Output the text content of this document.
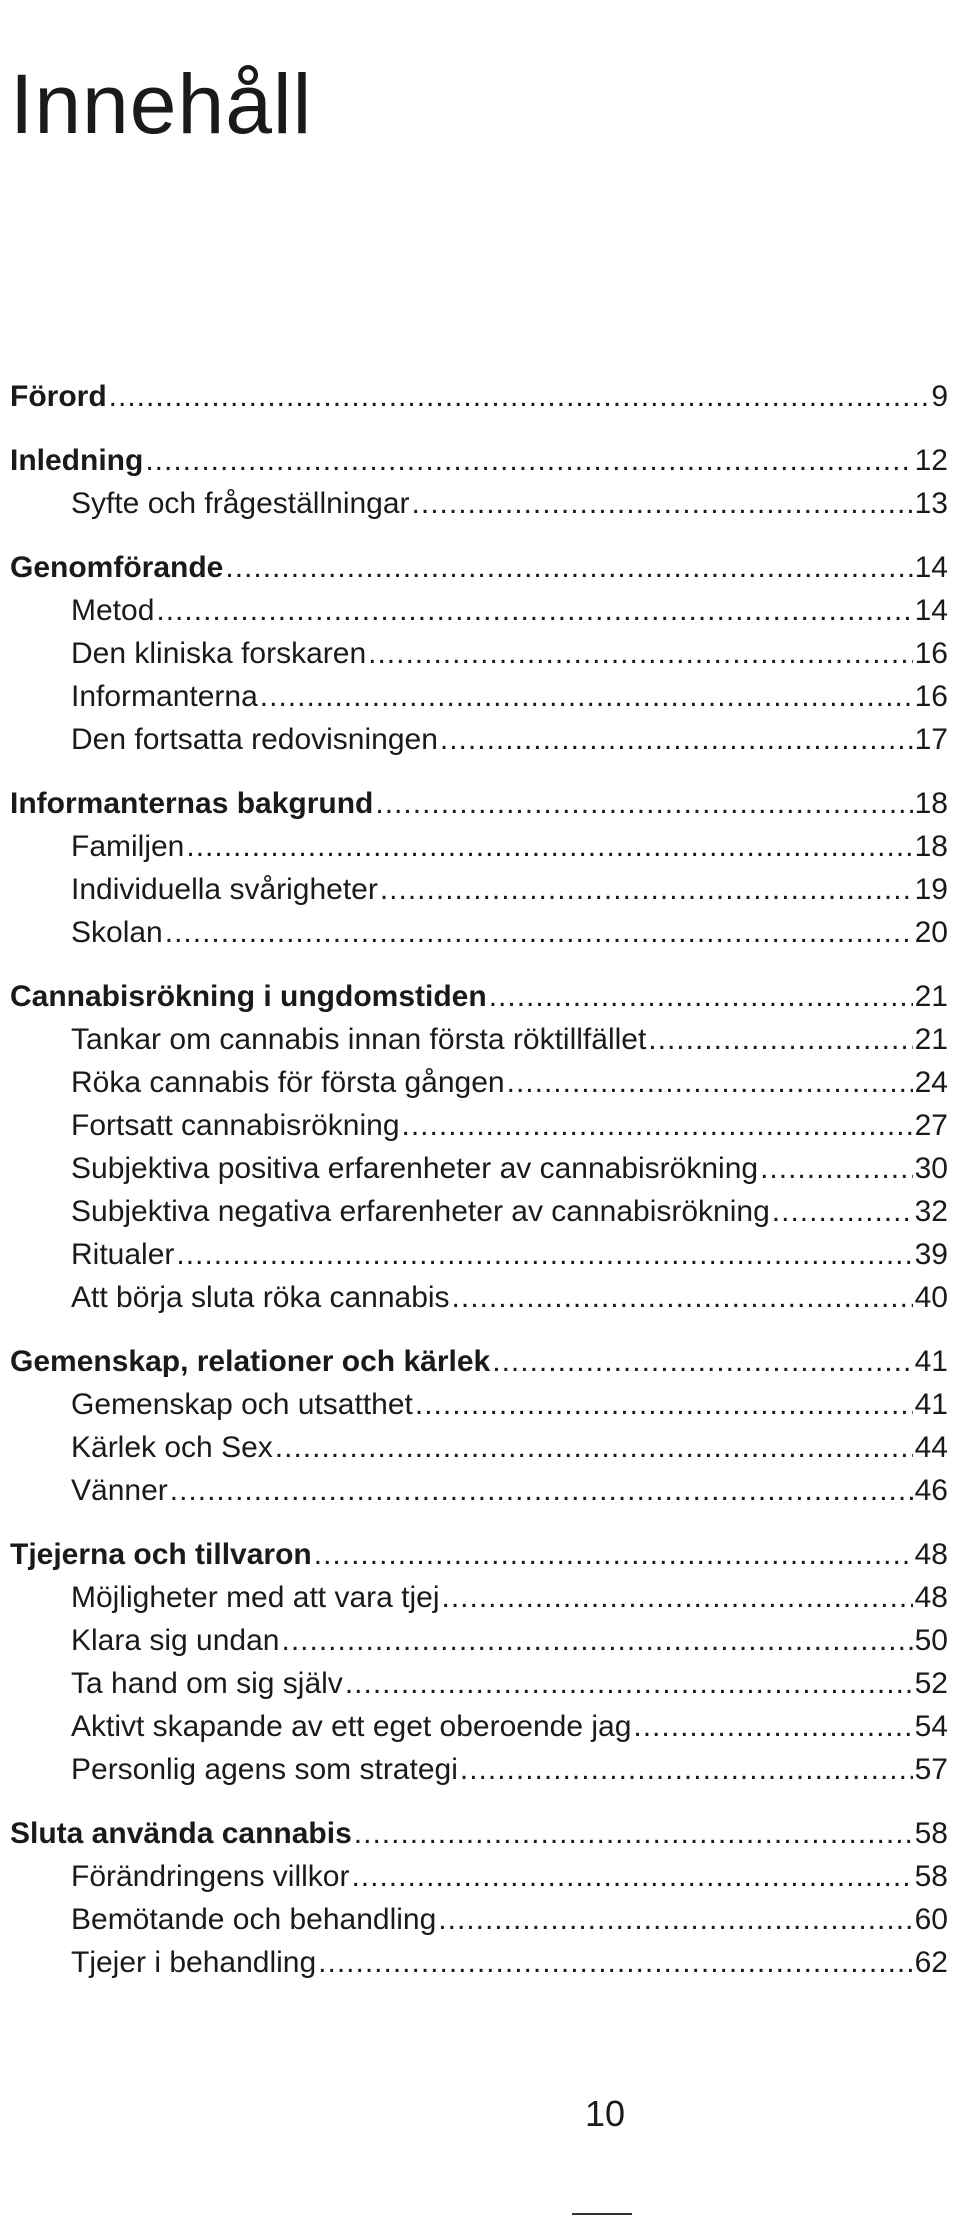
Innehåll
Förord .....	9
Inledning .....	12
Syfte och frågeställningar .....	13
Genomförande .....	14
Metod .....	14
Den kliniska forskaren .....	16
Informanterna .....	16
Den fortsatta redovisningen .....	17
Informanternas bakgrund .....	18
Familjen .....	18
Individuella svårigheter .....	19
Skolan .....	20
Cannabisrökning i ungdomstiden .....	21
Tankar om cannabis innan första röktillfället .....	21
Röka cannabis för första gången .....	24
Fortsatt cannabisrökning .....	27
Subjektiva positiva erfarenheter av cannabisrökning .....	30
Subjektiva negativa erfarenheter av cannabisrökning .....	32
Ritualer .....	39
Att börja sluta röka cannabis .....	40
Gemenskap, relationer och kärlek .....	41
Gemenskap och utsatthet .....	41
Kärlek och Sex .....	44
Vänner .....	46
Tjejerna och tillvaron .....	48
Möjligheter med att vara tjej .....	48
Klara sig undan .....	50
Ta hand om sig själv .....	52
Aktivt skapande av ett eget oberoende jag .....	54
Personlig agens som strategi .....	57
Sluta använda cannabis .....	58
Förändringens villkor .....	58
Bemötande och behandling .....	60
Tjejer i behandling .....	62
10
